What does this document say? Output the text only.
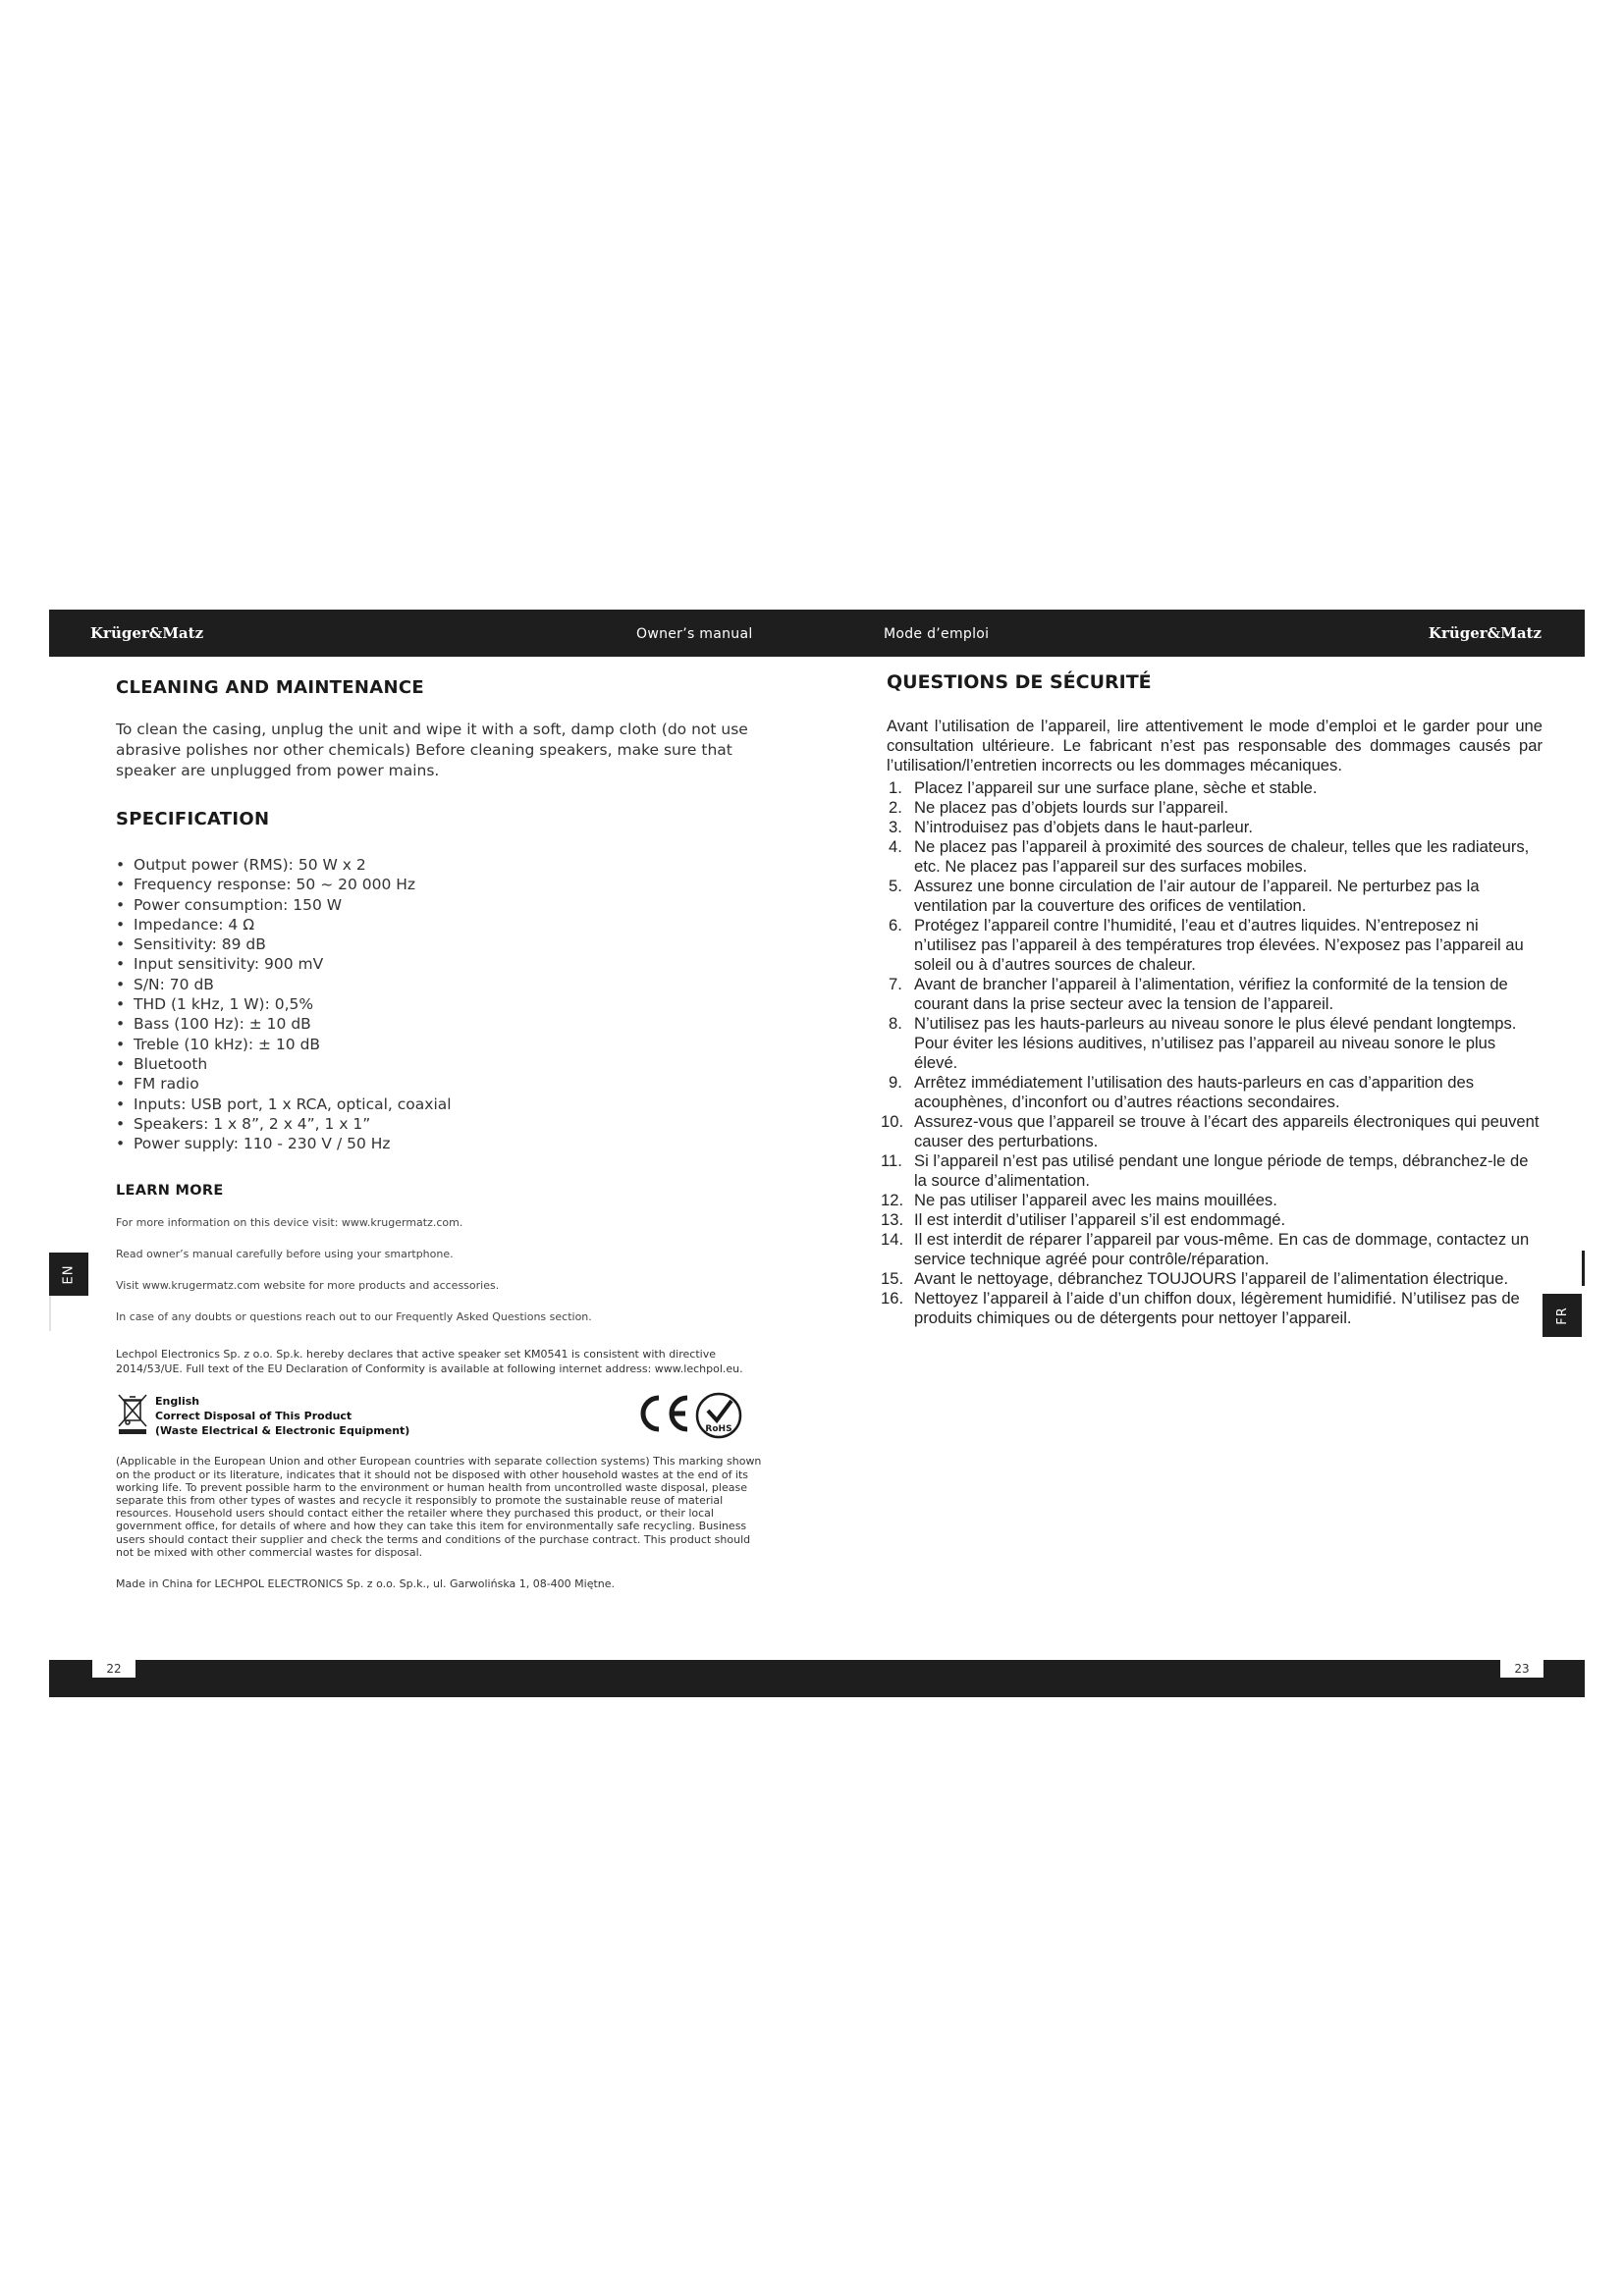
Krüger&Matz	Owner’s manual	Mode d’emploi	Krüger&Matz
EN
FR
CLEANING AND MAINTENANCE

To clean the casing, unplug the unit and wipe it with a soft, damp cloth (do not use abrasive polishes nor other chemicals) Before cleaning speakers, make sure that speaker are unplugged from power mains.

SPECIFICATION
• Output power (RMS): 50 W x 2
• Frequency response: 50 ~ 20 000 Hz
• Power consumption: 150 W
• Impedance: 4 Ω
• Sensitivity: 89 dB
• Input sensitivity: 900 mV
• S/N: 70 dB
• THD (1 kHz, 1 W): 0,5%
• Bass (100 Hz): ± 10 dB
• Treble (10 kHz): ± 10 dB
• Bluetooth
• FM radio
• Inputs: USB port, 1 x RCA, optical, coaxial
• Speakers: 1 x 8”, 2 x 4”, 1 x 1”
• Power supply: 110 - 230 V / 50 Hz
LEARN MORE

For more information on this device visit: www.krugermatz.com.

Read owner’s manual carefully before using your smartphone.

Visit www.krugermatz.com website for more products and accessories.

In case of any doubts or questions reach out to our Frequently Asked Questions section.

Lechpol Electronics Sp. z o.o. Sp.k. hereby declares that active speaker set KM0541 is consistent with directive 2014/53/UE. Full text of the EU Declaration of Conformity is available at following internet address: www.lechpol.eu.

English
Correct Disposal of This Product
(Waste Electrical & Electronic Equipment)	RoHS

(Applicable in the European Union and other European countries with separate collection systems) This marking shown on the product or its literature, indicates that it should not be disposed with other household wastes at the end of its working life. To prevent possible harm to the environment or human health from uncontrolled waste disposal, please separate this from other types of wastes and recycle it responsibly to promote the sustainable reuse of material resources. Household users should contact either the retailer where they purchased this product, or their local government office, for details of where and how they can take this item for environmentally safe recycling. Business users should contact their supplier and check the terms and conditions of the purchase contract. This product should not be mixed with other commercial wastes for disposal.

Made in China for LECHPOL ELECTRONICS Sp. z o.o. Sp.k., ul. Garwolińska 1, 08-400 Miętne.

QUESTIONS DE SÉCURITÉ

Avant l’utilisation de l’appareil, lire attentivement le mode d’emploi et le garder pour une consultation ultérieure. Le fabricant n’est pas responsable des dommages causés par l’utilisation/l’entretien incorrects ou les dommages mécaniques.

1. Placez l’appareil sur une surface plane, sèche et stable.
2. Ne placez pas d’objets lourds sur l’appareil.
3. N’introduisez pas d’objets dans le haut-parleur.
4. Ne placez pas l’appareil à proximité des sources de chaleur, telles que les radiateurs, etc. Ne placez pas l’appareil sur des surfaces mobiles.
5. Assurez une bonne circulation de l’air autour de l’appareil. Ne perturbez pas la ventilation par la couverture des orifices de ventilation.
6. Protégez l’appareil contre l’humidité, l’eau et d’autres liquides. N’entreposez ni n’utilisez pas l’appareil à des températures trop élevées. N’exposez pas l’appareil au soleil ou à d’autres sources de chaleur.
7. Avant de brancher l’appareil à l’alimentation, vérifiez la conformité de la tension de courant dans la prise secteur avec la tension de l’appareil.
8. N’utilisez pas les hauts-parleurs au niveau sonore le plus élevé pendant longtemps. Pour éviter les lésions auditives, n’utilisez pas l’appareil au niveau sonore le plus élevé.
9. Arrêtez immédiatement l’utilisation des hauts-parleurs en cas d’apparition des acouphènes, d’inconfort ou d’autres réactions secondaires.
10. Assurez-vous que l’appareil se trouve à l’écart des appareils électroniques qui peuvent causer des perturbations.
11. Si l’appareil n’est pas utilisé pendant une longue période de temps, débranchez-le de la source d’alimentation.
12. Ne pas utiliser l’appareil avec les mains mouillées.
13. Il est interdit d’utiliser l’appareil s’il est endommagé.
14. Il est interdit de réparer l’appareil par vous-même. En cas de dommage, contactez un service technique agréé pour contrôle/réparation.
15. Avant le nettoyage, débranchez TOUJOURS l’appareil de l’alimentation électrique.
16. Nettoyez l’appareil à l’aide d’un chiffon doux, légèrement humidifié. N’utilisez pas de produits chimiques ou de détergents pour nettoyer l’appareil.
22	23
